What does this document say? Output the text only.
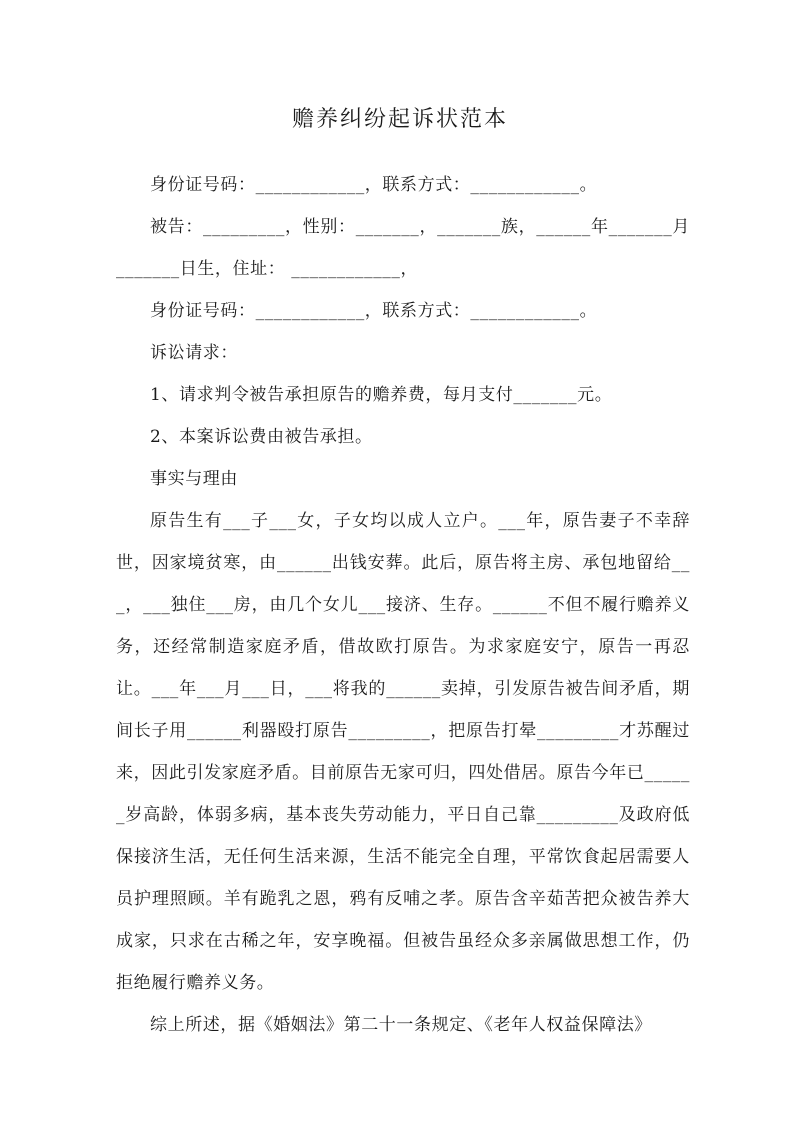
赡养纠纷起诉状范本

身份证号码：____________，联系方式：____________。

被告：_________，性别：_______，_______族，______年_______月_______日生，住址： ____________，

身份证号码：____________，联系方式：____________。

诉讼请求：

1、请求判令被告承担原告的赡养费，每月支付_______元。

2、本案诉讼费由被告承担。

事实与理由

原告生有___子___女，子女均以成人立户。___年，原告妻子不幸辞世，因家境贫寒，由______出钱安葬。此后，原告将主房、承包地留给___，___独住___房，由几个女儿___接济、生存。______不但不履行赡养义务，还经常制造家庭矛盾，借故欧打原告。为求家庭安宁，原告一再忍让。___年___月___日，___将我的______卖掉，引发原告被告间矛盾，期间长子用______利器殴打原告_________，把原告打晕_________才苏醒过来，因此引发家庭矛盾。目前原告无家可归，四处借居。原告今年已______岁高龄，体弱多病，基本丧失劳动能力，平日自己靠_________及政府低保接济生活，无任何生活来源，生活不能完全自理，平常饮食起居需要人员护理照顾。羊有跪乳之恩，鸦有反哺之孝。原告含辛茹苦把众被告养大成家，只求在古稀之年，安享晚福。但被告虽经众多亲属做思想工作，仍拒绝履行赡养义务。

综上所述，据《婚姻法》第二十一条规定、《老年人权益保障法》
